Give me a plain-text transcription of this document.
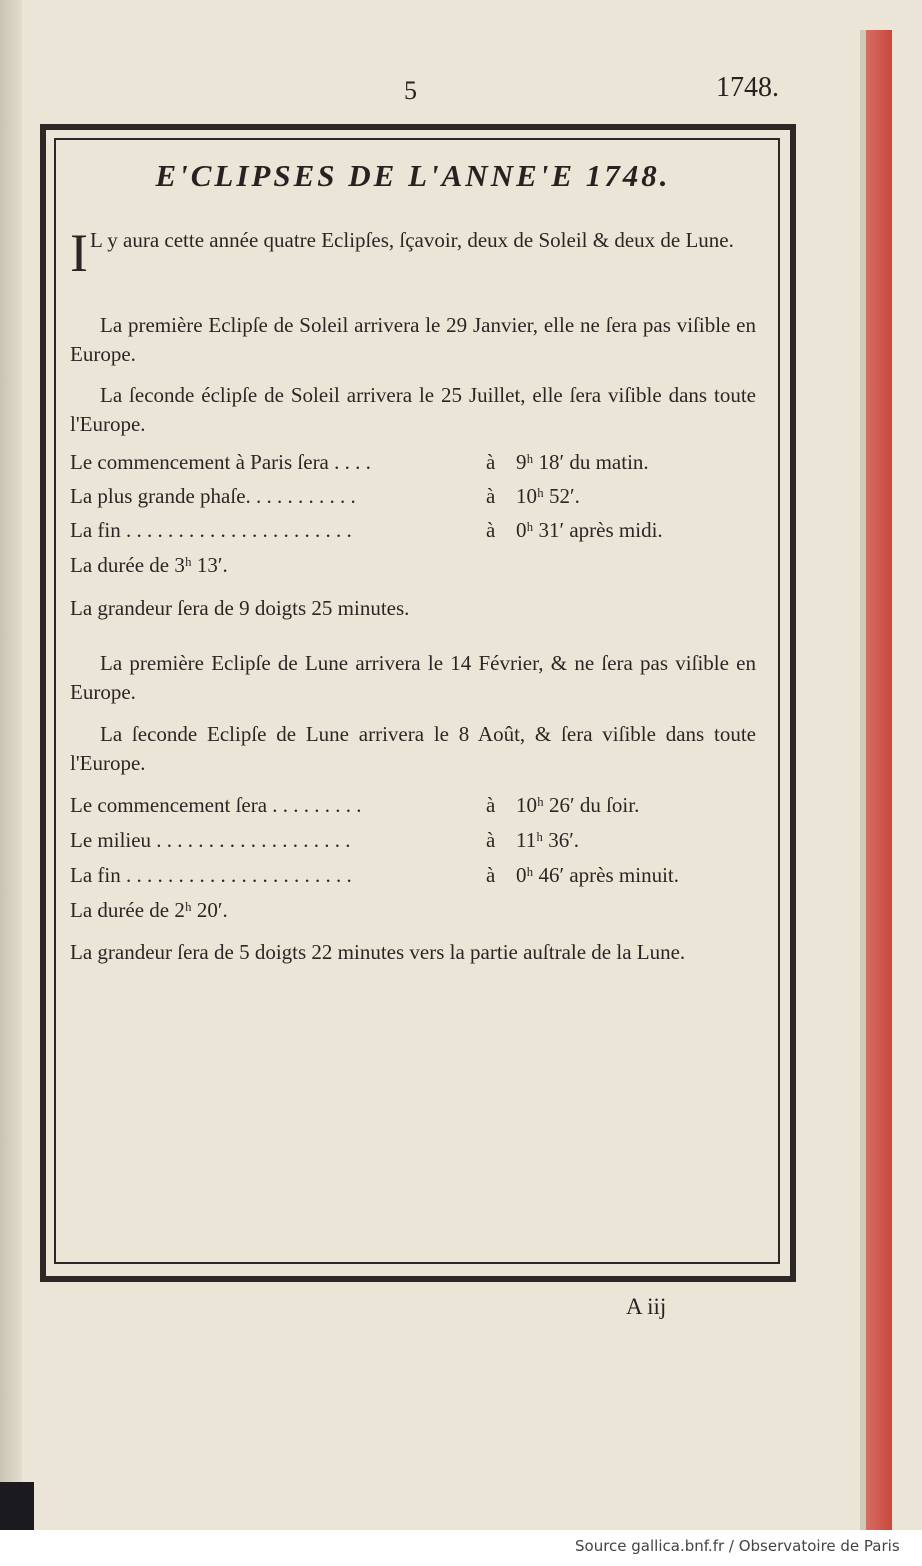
5	1748.
E'CLIPSES DE L'ANNE'E 1748.

I L y aura cette année quatre Eclipſes, ſçavoir, deux de Soleil & deux de Lune.

La première Eclipſe de Soleil arrivera le 29 Janvier, elle ne ſera pas viſible en Europe.

La ſeconde éclipſe de Soleil arrivera le 25 Juillet, elle ſera viſible dans toute l'Europe.

Le commencement à Paris ſera . . . .	à 9ʰ 18′ du matin.
La plus grande phaſe. . . . . . . . . . .	à 10ʰ 52′.
La fin . . . . . . . . . . . . . . . . . . . . . .	à 0ʰ 31′ après midi.
La durée de 3ʰ 13′.
La grandeur ſera de 9 doigts 25 minutes.

La première Eclipſe de Lune arrivera le 14 Février, & ne ſera pas viſible en Europe.

La ſeconde Eclipſe de Lune arrivera le 8 Août, & ſera viſible dans toute l'Europe.

Le commencement ſera . . . . . . . . .	à 10ʰ 26′ du ſoir.
Le milieu . . . . . . . . . . . . . . . . . . .	à 11ʰ 36′.
La fin . . . . . . . . . . . . . . . . . . . . . .	à 0ʰ 46′ après minuit.
La durée de 2ʰ 20′.

La grandeur ſera de 5 doigts 22 minutes vers la partie auſtrale de la Lune.

A iij
Source gallica.bnf.fr / Observatoire de Paris
